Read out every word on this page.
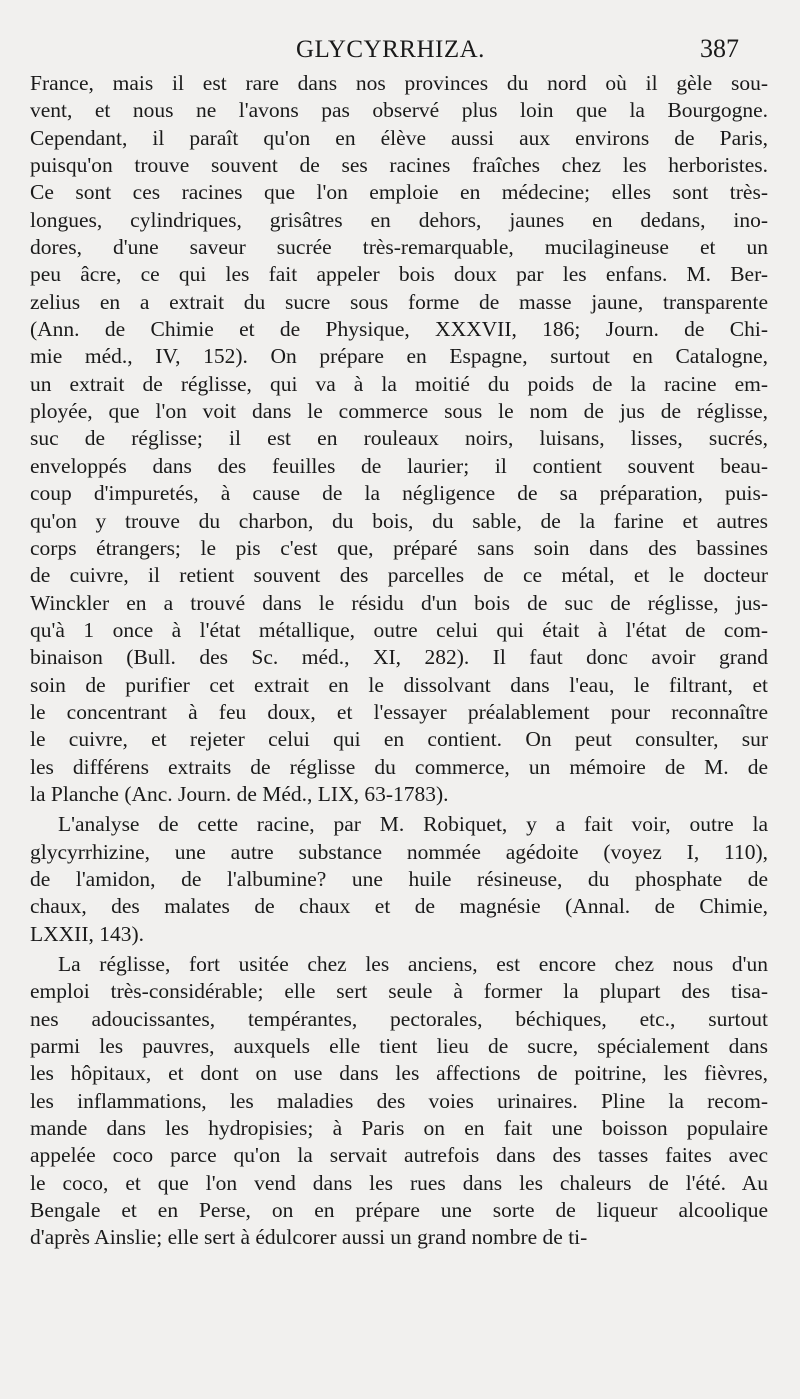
GLYCYRRHIZA.	387
France, mais il est rare dans nos provinces du nord où il gèle sou-
vent, et nous ne l'avons pas observé plus loin que la Bourgogne.
Cependant, il paraît qu'on en élève aussi aux environs de Paris,
puisqu'on trouve souvent de ses racines fraîches chez les herboristes.
Ce sont ces racines que l'on emploie en médecine; elles sont très-
longues, cylindriques, grisâtres en dehors, jaunes en dedans, ino-
dores, d'une saveur sucrée très-remarquable, mucilagineuse et un
peu âcre, ce qui les fait appeler bois doux par les enfans. M. Ber-
zelius en a extrait du sucre sous forme de masse jaune, transparente
(Ann. de Chimie et de Physique, XXXVII, 186; Journ. de Chi-
mie méd., IV, 152). On prépare en Espagne, surtout en Catalogne,
un extrait de réglisse, qui va à la moitié du poids de la racine em-
ployée, que l'on voit dans le commerce sous le nom de jus de réglisse,
suc de réglisse; il est en rouleaux noirs, luisans, lisses, sucrés,
enveloppés dans des feuilles de laurier; il contient souvent beau-
coup d'impuretés, à cause de la négligence de sa préparation, puis-
qu'on y trouve du charbon, du bois, du sable, de la farine et autres
corps étrangers; le pis c'est que, préparé sans soin dans des bassines
de cuivre, il retient souvent des parcelles de ce métal, et le docteur
Winckler en a trouvé dans le résidu d'un bois de suc de réglisse, jus-
qu'à 1 once à l'état métallique, outre celui qui était à l'état de com-
binaison (Bull. des Sc. méd., XI, 282). Il faut donc avoir grand
soin de purifier cet extrait en le dissolvant dans l'eau, le filtrant, et
le concentrant à feu doux, et l'essayer préalablement pour reconnaître
le cuivre, et rejeter celui qui en contient. On peut consulter, sur
les différens extraits de réglisse du commerce, un mémoire de M. de
la Planche (Anc. Journ. de Méd., LIX, 63-1783).
L'analyse de cette racine, par M. Robiquet, y a fait voir, outre la
glycyrrhizine, une autre substance nommée agédoite (voyez I, 110),
de l'amidon, de l'albumine? une huile résineuse, du phosphate de
chaux, des malates de chaux et de magnésie (Annal. de Chimie,
LXXII, 143).
La réglisse, fort usitée chez les anciens, est encore chez nous d'un
emploi très-considérable; elle sert seule à former la plupart des tisa-
nes adoucissantes, tempérantes, pectorales, béchiques, etc., surtout
parmi les pauvres, auxquels elle tient lieu de sucre, spécialement dans
les hôpitaux, et dont on use dans les affections de poitrine, les fièvres,
les inflammations, les maladies des voies urinaires. Pline la recom-
mande dans les hydropisies; à Paris on en fait une boisson populaire
appelée coco parce qu'on la servait autrefois dans des tasses faites avec
le coco, et que l'on vend dans les rues dans les chaleurs de l'été. Au
Bengale et en Perse, on en prépare une sorte de liqueur alcoolique
d'après Ainslie; elle sert à édulcorer aussi un grand nombre de ti-
